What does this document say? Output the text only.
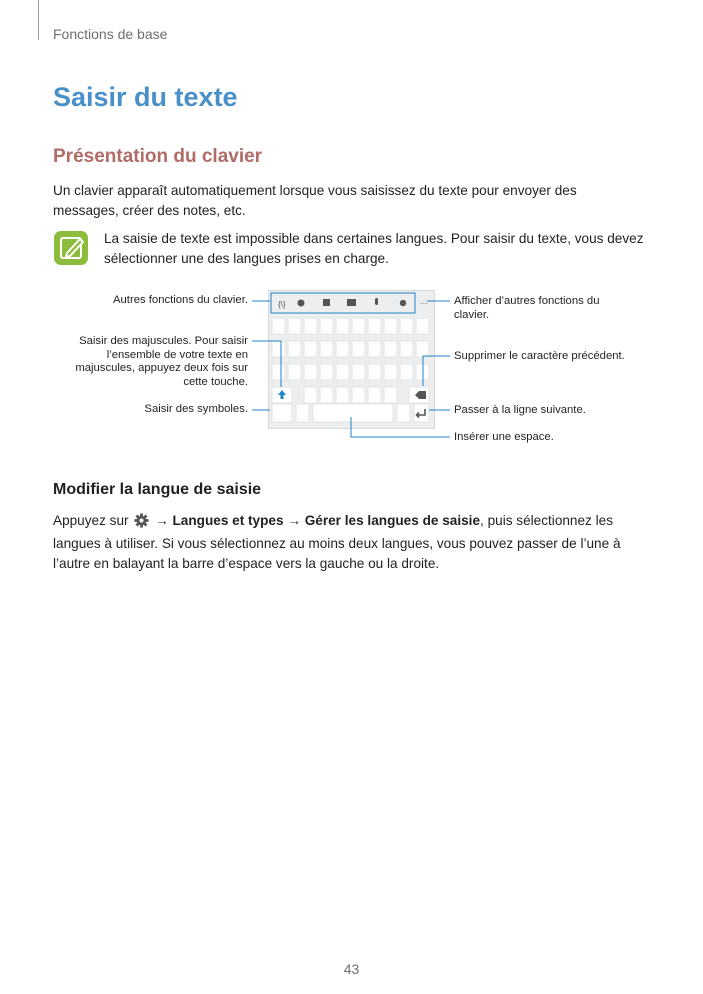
Fonctions de base
Saisir du texte
Présentation du clavier

Un clavier apparaît automatiquement lorsque vous saisissez du texte pour envoyer des messages, créer des notes, etc.

La saisie de texte est impossible dans certaines langues. Pour saisir du texte, vous devez sélectionner une des langues prises en charge.

{\}	···
Autres fonctions du clavier.
Saisir des majuscules. Pour saisir l’ensemble de votre texte en majuscules, appuyez deux fois sur cette touche.
Saisir des symboles.
Afficher d’autres fonctions du clavier.
Supprimer le caractère précédent.
Passer à la ligne suivante.
Insérer une espace.
Modifier la langue de saisie

Appuyez sur → Langues et types → Gérer les langues de saisie, puis sélectionnez les langues à utiliser. Si vous sélectionnez au moins deux langues, vous pouvez passer de l’une à l’autre en balayant la barre d’espace vers la gauche ou la droite.

43
